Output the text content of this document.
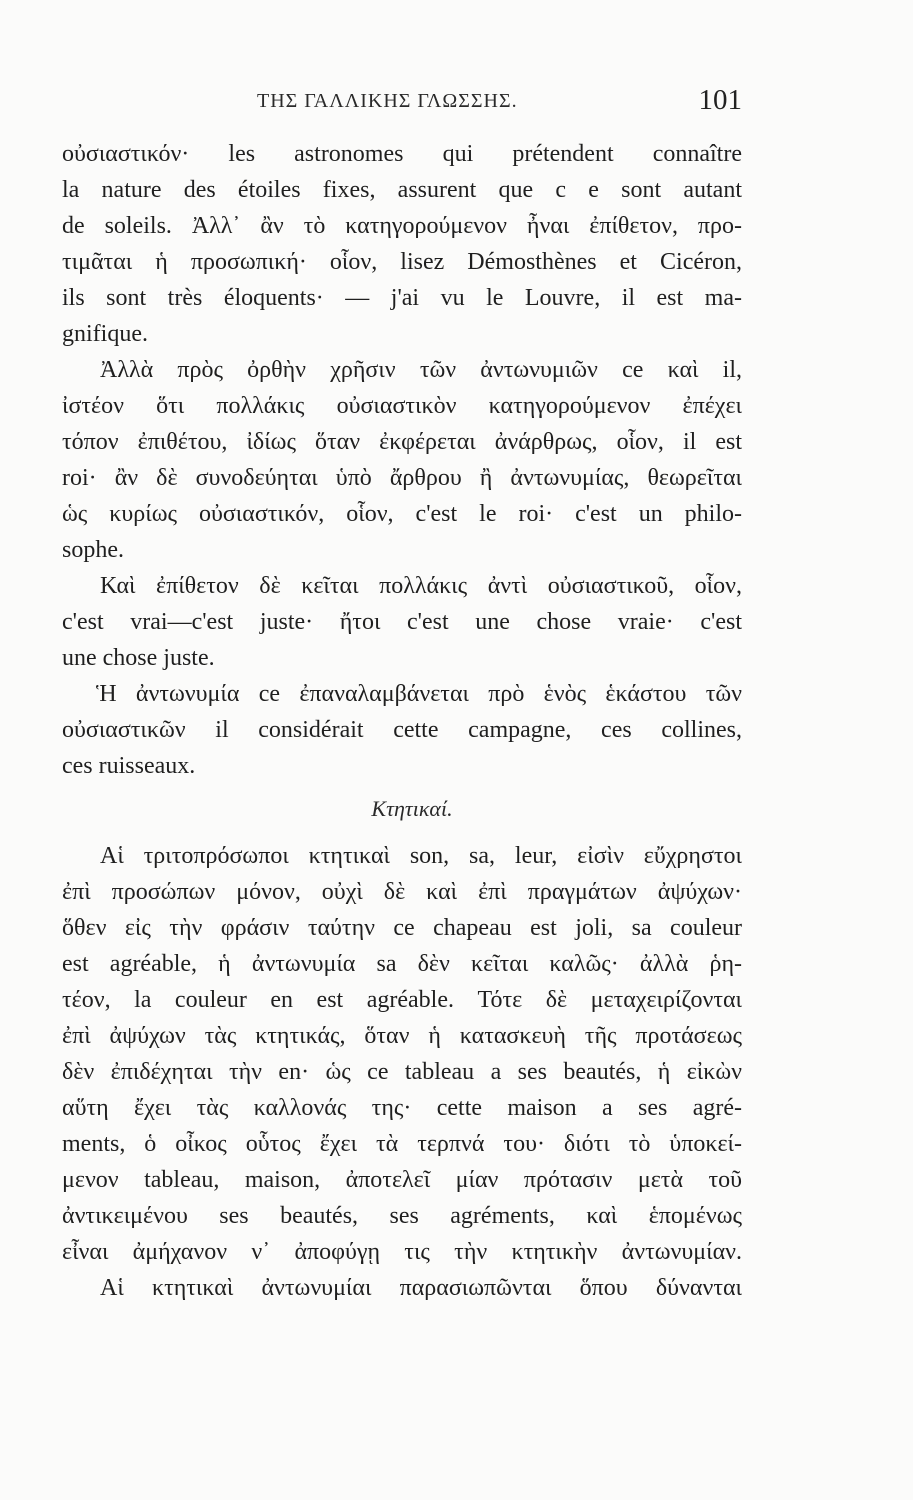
ΤΗΣ ΓΑΛΛΙΚΗΣ ΓΛΩΣΣΗΣ.	101
οὐσιαστικόν· les astronomes qui prétendent connaître
la nature des étoiles fixes, assurent que c e sont autant
de soleils. Ἀλλ᾽ ἂν τὸ κατηγορούμενον ἦναι ἐπίθετον, προ-
τιμᾶται ἡ προσωπική· οἷον, lisez Démosthènes et Cicéron,
ils sont très éloquents· — j'ai vu le Louvre, il est ma-
gnifique.
Ἀλλὰ πρὸς ὀρθὴν χρῆσιν τῶν ἀντωνυμιῶν ce καὶ il,
ἰστέον ὅτι πολλάκις οὐσιαστικὸν κατηγορούμενον ἐπέχει
τόπον ἐπιθέτου, ἰδίως ὅταν ἐκφέρεται ἀνάρθρως, οἷον, il est
roi· ἂν δὲ συνοδεύηται ὑπὸ ἄρθρου ἢ ἀντωνυμίας, θεωρεῖται
ὡς κυρίως οὐσιαστικόν, οἷον, c'est le roi· c'est un philo-
sophe.
Καὶ ἐπίθετον δὲ κεῖται πολλάκις ἀντὶ οὐσιαστικοῦ, οἷον,
c'est vrai—c'est juste· ἤτοι c'est une chose vraie· c'est
une chose juste.
Ἡ ἀντωνυμία ce ἐπαναλαμβάνεται πρὸ ἑνὸς ἑκάστου τῶν
οὐσιαστικῶν il considérait cette campagne, ces collines,
ces ruisseaux.
Κτητικαί.
Αἱ τριτοπρόσωποι κτητικαὶ son, sa, leur, εἰσὶν εὔχρηστοι
ἐπὶ προσώπων μόνον, οὐχὶ δὲ καὶ ἐπὶ πραγμάτων ἀψύχων·
ὅθεν εἰς τὴν φράσιν ταύτην ce chapeau est joli, sa couleur
est agréable, ἡ ἀντωνυμία sa δὲν κεῖται καλῶς· ἀλλὰ ῥη-
τέον, la couleur en est agréable. Τότε δὲ μεταχειρίζονται
ἐπὶ ἀψύχων τὰς κτητικάς, ὅταν ἡ κατασκευὴ τῆς προτάσεως
δὲν ἐπιδέχηται τὴν en· ὡς ce tableau a ses beautés, ἡ εἰκὼν
αὕτη ἔχει τὰς καλλονάς της· cette maison a ses agré-
ments, ὁ οἶκος οὗτος ἔχει τὰ τερπνά του· διότι τὸ ὑποκεί-
μενον tableau, maison, ἀποτελεῖ μίαν πρότασιν μετὰ τοῦ
ἀντικειμένου ses beautés, ses agréments, καὶ ἑπομένως
εἶναι ἀμήχανον ν᾽ ἀποφύγῃ τις τὴν κτητικὴν ἀντωνυμίαν.
Αἱ κτητικαὶ ἀντωνυμίαι παρασιωπῶνται ὅπου δύνανται
